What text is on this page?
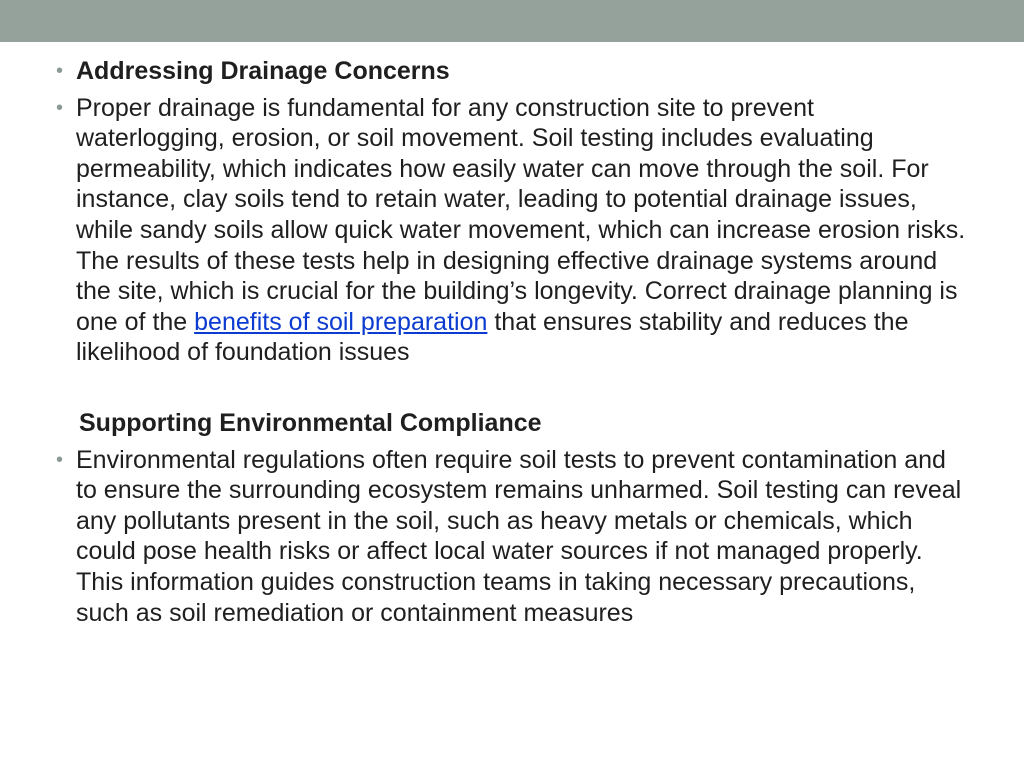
• Addressing Drainage Concerns
• Proper drainage is fundamental for any construction site to prevent waterlogging, erosion, or soil movement. Soil testing includes evaluating permeability, which indicates how easily water can move through the soil. For instance, clay soils tend to retain water, leading to potential drainage issues, while sandy soils allow quick water movement, which can increase erosion risks. The results of these tests help in designing effective drainage systems around the site, which is crucial for the building’s longevity. Correct drainage planning is one of the benefits of soil preparation that ensures stability and reduces the likelihood of foundation issues
Supporting Environmental Compliance
• Environmental regulations often require soil tests to prevent contamination and to ensure the surrounding ecosystem remains unharmed. Soil testing can reveal any pollutants present in the soil, such as heavy metals or chemicals, which could pose health risks or affect local water sources if not managed properly. This information guides construction teams in taking necessary precautions, such as soil remediation or containment measures
